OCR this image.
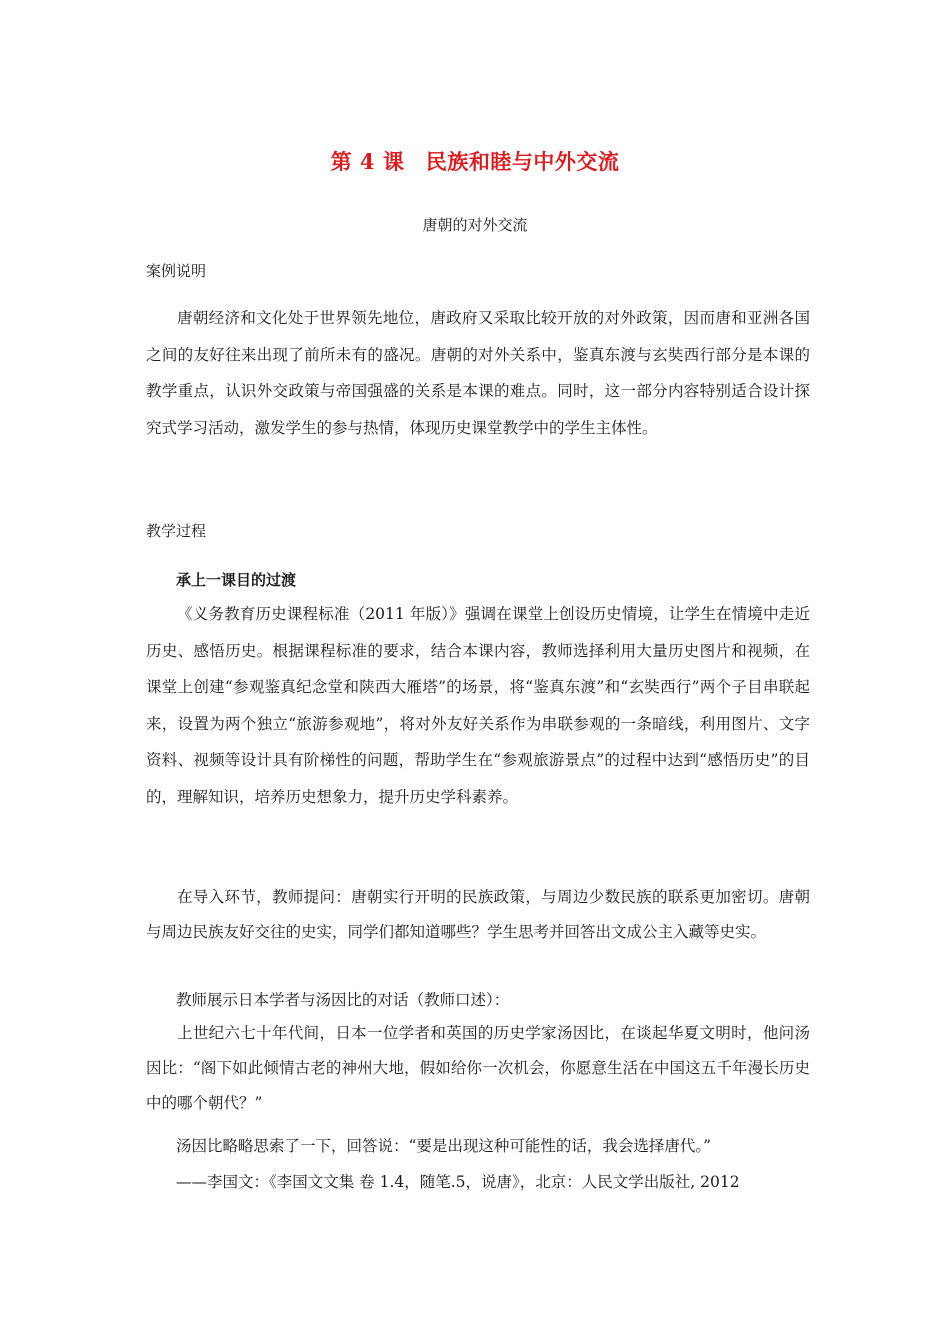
第 4 课　民族和睦与中外交流
唐朝的对外交流
案例说明

唐朝经济和文化处于世界领先地位，唐政府又采取比较开放的对外政策，因而唐和亚洲各国之间的友好往来出现了前所未有的盛况。唐朝的对外关系中，鉴真东渡与玄奘西行部分是本课的教学重点，认识外交政策与帝国强盛的关系是本课的难点。同时，这一部分内容特别适合设计探究式学习活动，激发学生的参与热情，体现历史课堂教学中的学生主体性。

教学过程
承上一课目的过渡

《义务教育历史课程标准（2011 年版）》强调在课堂上创设历史情境，让学生在情境中走近历史、感悟历史。根据课程标准的要求，结合本课内容，教师选择利用大量历史图片和视频，在课堂上创建“参观鉴真纪念堂和陕西大雁塔”的场景，将“鉴真东渡”和“玄奘西行”两个子目串联起来，设置为两个独立“旅游参观地”，将对外友好关系作为串联参观的一条暗线，利用图片、文字资料、视频等设计具有阶梯性的问题，帮助学生在“参观旅游景点”的过程中达到“感悟历史”的目的，理解知识，培养历史想象力，提升历史学科素养。

在导入环节，教师提问：唐朝实行开明的民族政策，与周边少数民族的联系更加密切。唐朝与周边民族友好交往的史实，同学们都知道哪些？学生思考并回答出文成公主入藏等史实。

教师展示日本学者与汤因比的对话（教师口述）：

上世纪六七十年代间，日本一位学者和英国的历史学家汤因比，在谈起华夏文明时，他问汤因比：“阁下如此倾情古老的神州大地，假如给你一次机会，你愿意生活在中国这五千年漫长历史中的哪个朝代？”

汤因比略略思索了一下，回答说：“要是出现这种可能性的话，我会选择唐代。”
——李国文：《李国文文集 卷 1.4，随笔.5，说唐》，北京：人民文学出版社, 2012
